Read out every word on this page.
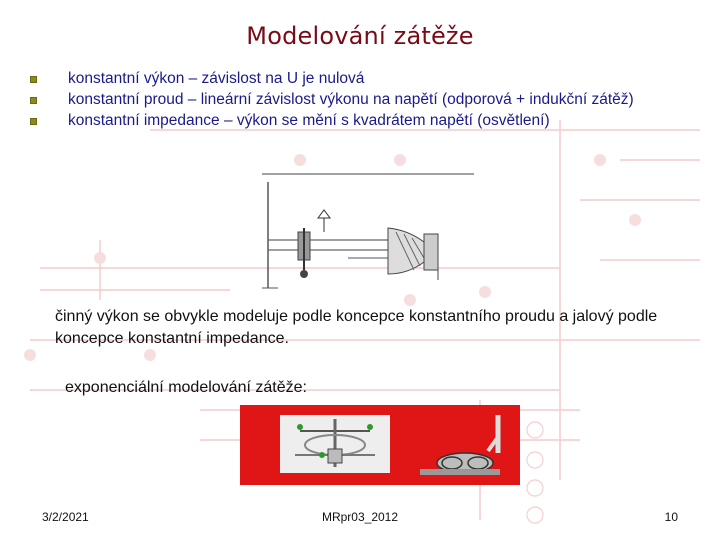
Modelování zátěže
konstantní výkon – závislost na U je nulová
konstantní proud – lineární závislost výkonu na napětí (odporová + indukční zátěž)
konstantní impedance – výkon se mění s kvadrátem napětí (osvětlení)
činný výkon se obvykle modeluje podle koncepce konstantního proudu a jalový podle koncepce konstantní impedance.
exponenciální modelování zátěže:
3/2/2021	MRpr03_2012	10
